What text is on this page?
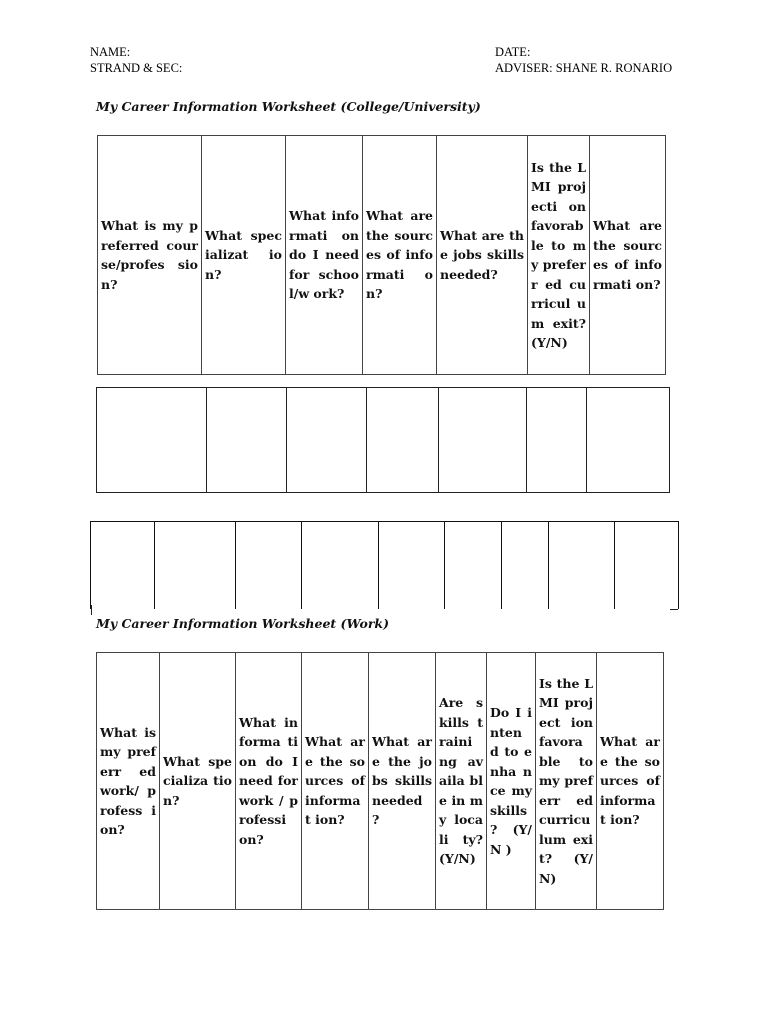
NAME:	DATE:
STRAND & SEC:	ADVISER: SHANE R. RONARIO
My Career Information Worksheet (College/University)
What is my preferred course/profes sion?	What specializat ion?	What informati on do I need for school/w ork?	What are the sources of informati on?	What are the jobs skills needed?	Is the LMI projecti on favorab le to my preferr ed curricul um exit? (Y/N)	What are the sources of informati on?

My Career Information Worksheet (Work)
What is my preferr ed work/ profess ion?	What specializa tion?	What informa tion do I need for work / professi on?	What are the sources of informat ion?	What are the jobs skills needed ?	Are skills traini ng availa ble in my locali ty? (Y/N)	Do I inten d to enha nce my skills ? (Y/N )	Is the LMI project ion favora ble to my preferr ed curricu lum exit? (Y/N)	What are the sources of informat ion?
